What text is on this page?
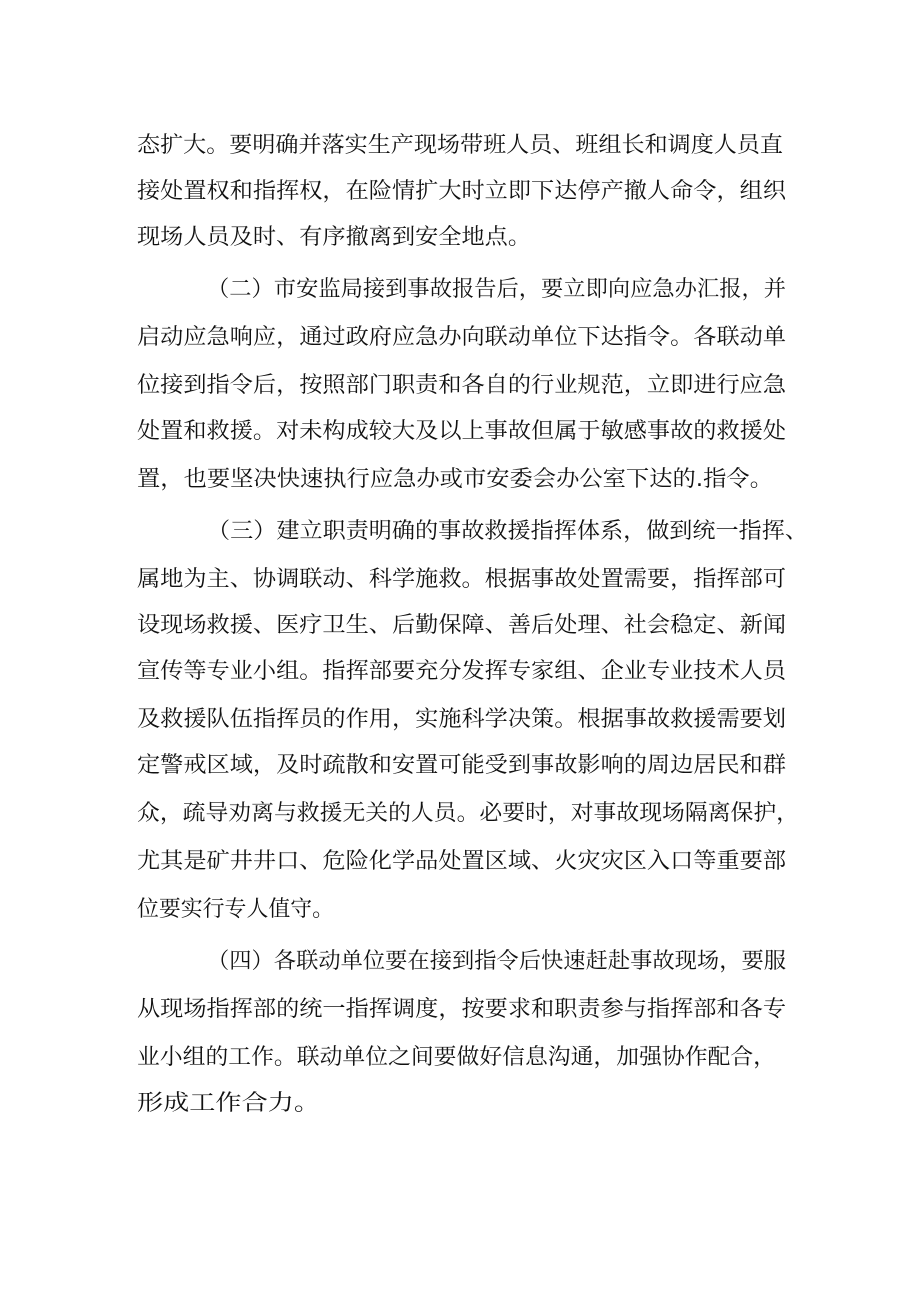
态扩大。要明确并落实生产现场带班人员、班组长和调度人员直
接处置权和指挥权，在险情扩大时立即下达停产撤人命令，组织
现场人员及时、有序撤离到安全地点。
（二）市安监局接到事故报告后，要立即向应急办汇报，并
启动应急响应，通过政府应急办向联动单位下达指令。各联动单
位接到指令后，按照部门职责和各自的行业规范，立即进行应急
处置和救援。对未构成较大及以上事故但属于敏感事故的救援处
置，也要坚决快速执行应急办或市安委会办公室下达的.指令。
（三）建立职责明确的事故救援指挥体系，做到统一指挥、
属地为主、协调联动、科学施救。根据事故处置需要，指挥部可
设现场救援、医疗卫生、后勤保障、善后处理、社会稳定、新闻
宣传等专业小组。指挥部要充分发挥专家组、企业专业技术人员
及救援队伍指挥员的作用，实施科学决策。根据事故救援需要划
定警戒区域，及时疏散和安置可能受到事故影响的周边居民和群
众，疏导劝离与救援无关的人员。必要时，对事故现场隔离保护，
尤其是矿井井口、危险化学品处置区域、火灾灾区入口等重要部
位要实行专人值守。
（四）各联动单位要在接到指令后快速赶赴事故现场，要服
从现场指挥部的统一指挥调度，按要求和职责参与指挥部和各专
业小组的工作。联动单位之间要做好信息沟通，加强协作配合，
形成工作合力。
